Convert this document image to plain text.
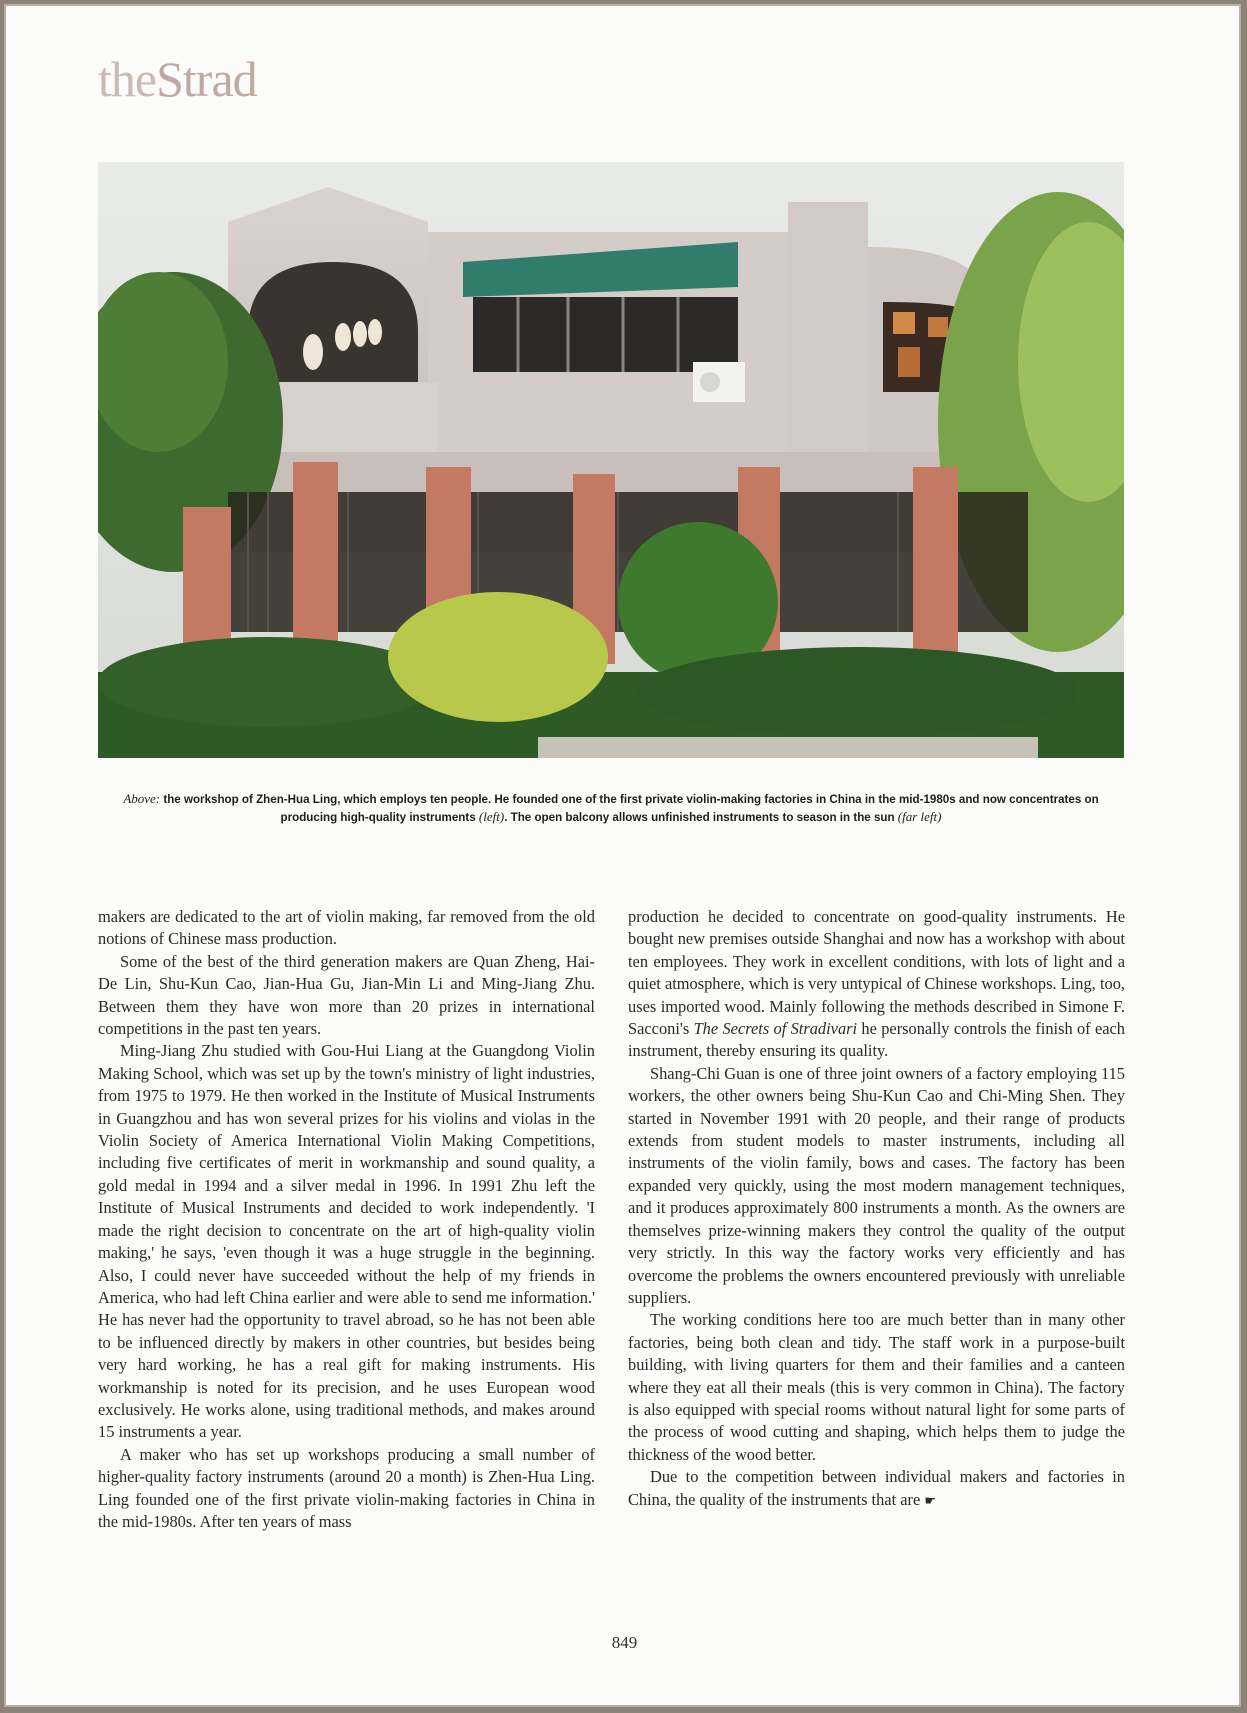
theStrad
Above: the workshop of Zhen-Hua Ling, which employs ten people. He founded one of the first private violin-making factories in China in the mid-1980s and now concentrates on producing high-quality instruments (left). The open balcony allows unfinished instruments to season in the sun (far left)

makers are dedicated to the art of violin making, far removed from the old notions of Chinese mass production.

Some of the best of the third generation makers are Quan Zheng, Hai-De Lin, Shu-Kun Cao, Jian-Hua Gu, Jian-Min Li and Ming-Jiang Zhu. Between them they have won more than 20 prizes in international competitions in the past ten years.

Ming-Jiang Zhu studied with Gou-Hui Liang at the Guangdong Violin Making School, which was set up by the town's ministry of light industries, from 1975 to 1979. He then worked in the Institute of Musical Instruments in Guangzhou and has won several prizes for his violins and violas in the Violin Society of America International Violin Making Competitions, including five certificates of merit in workmanship and sound quality, a gold medal in 1994 and a silver medal in 1996. In 1991 Zhu left the Institute of Musical Instruments and decided to work independently. 'I made the right decision to concentrate on the art of high-quality violin making,' he says, 'even though it was a huge struggle in the beginning. Also, I could never have succeeded without the help of my friends in America, who had left China earlier and were able to send me information.' He has never had the opportunity to travel abroad, so he has not been able to be influenced directly by makers in other countries, but besides being very hard working, he has a real gift for making instruments. His workmanship is noted for its precision, and he uses European wood exclusively. He works alone, using traditional methods, and makes around 15 instruments a year.

A maker who has set up workshops producing a small number of higher-quality factory instruments (around 20 a month) is Zhen-Hua Ling. Ling founded one of the first private violin-making factories in China in the mid-1980s. After ten years of mass

production he decided to concentrate on good-quality instruments. He bought new premises outside Shanghai and now has a workshop with about ten employees. They work in excellent conditions, with lots of light and a quiet atmosphere, which is very untypical of Chinese workshops. Ling, too, uses imported wood. Mainly following the methods described in Simone F. Sacconi's The Secrets of Stradivari he personally controls the finish of each instrument, thereby ensuring its quality.

Shang-Chi Guan is one of three joint owners of a factory employing 115 workers, the other owners being Shu-Kun Cao and Chi-Ming Shen. They started in November 1991 with 20 people, and their range of products extends from student models to master instruments, including all instruments of the violin family, bows and cases. The factory has been expanded very quickly, using the most modern management techniques, and it produces approximately 800 instruments a month. As the owners are themselves prize-winning makers they control the quality of the output very strictly. In this way the factory works very efficiently and has overcome the problems the owners encountered previously with unreliable suppliers.

The working conditions here too are much better than in many other factories, being both clean and tidy. The staff work in a purpose-built building, with living quarters for them and their families and a canteen where they eat all their meals (this is very common in China). The factory is also equipped with special rooms without natural light for some parts of the process of wood cutting and shaping, which helps them to judge the thickness of the wood better.

Due to the competition between individual makers and factories in China, the quality of the instruments that are ☛

849
